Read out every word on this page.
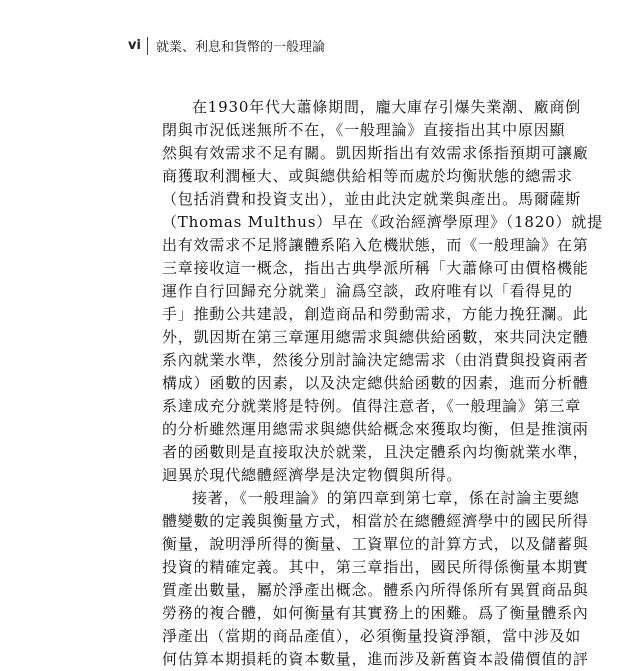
vi 就業、利息和貨幣的一般理論

在1930年代大蕭條期間，龐大庫存引爆失業潮、廠商倒
閉與市況低迷無所不在，《一般理論》直接指出其中原因顯
然與有效需求不足有關。凱因斯指出有效需求係指預期可讓廠
商獲取利潤極大、或與總供給相等而處於均衡狀態的總需求
（包括消費和投資支出），並由此決定就業與產出。馬爾薩斯
（Thomas Multhus）早在《政治經濟學原理》（1820）就提
出有效需求不足將讓體系陷入危機狀態，而《一般理論》在第
三章接收這一概念，指出古典學派所稱「大蕭條可由價格機能
運作自行回歸充分就業」淪爲空談，政府唯有以「看得見的
手」推動公共建設，創造商品和勞動需求，方能力挽狂瀾。此
外，凱因斯在第三章運用總需求與總供給函數，來共同決定體
系內就業水準，然後分別討論決定總需求（由消費與投資兩者
構成）函數的因素，以及決定總供給函數的因素，進而分析體
系達成充分就業將是特例。值得注意者，《一般理論》第三章
的分析雖然運用總需求與總供給概念來獲取均衡，但是推演兩
者的函數則是直接取決於就業，且決定體系內均衡就業水準，
迥異於現代總體經濟學是決定物價與所得。

接著，《一般理論》的第四章到第七章，係在討論主要總
體變數的定義與衡量方式，相當於在總體經濟學中的國民所得
衡量，說明淨所得的衡量、工資單位的計算方式，以及儲蓄與
投資的精確定義。其中，第三章指出，國民所得係衡量本期實
質產出數量，屬於淨產出概念。體系內所得係所有異質商品與
勞務的複合體，如何衡量有其實務上的困難。爲了衡量體系內
淨產出（當期的商品產值），必須衡量投資淨額，當中涉及如
何估算本期損耗的資本數量，進而涉及新舊資本設備價值的評
